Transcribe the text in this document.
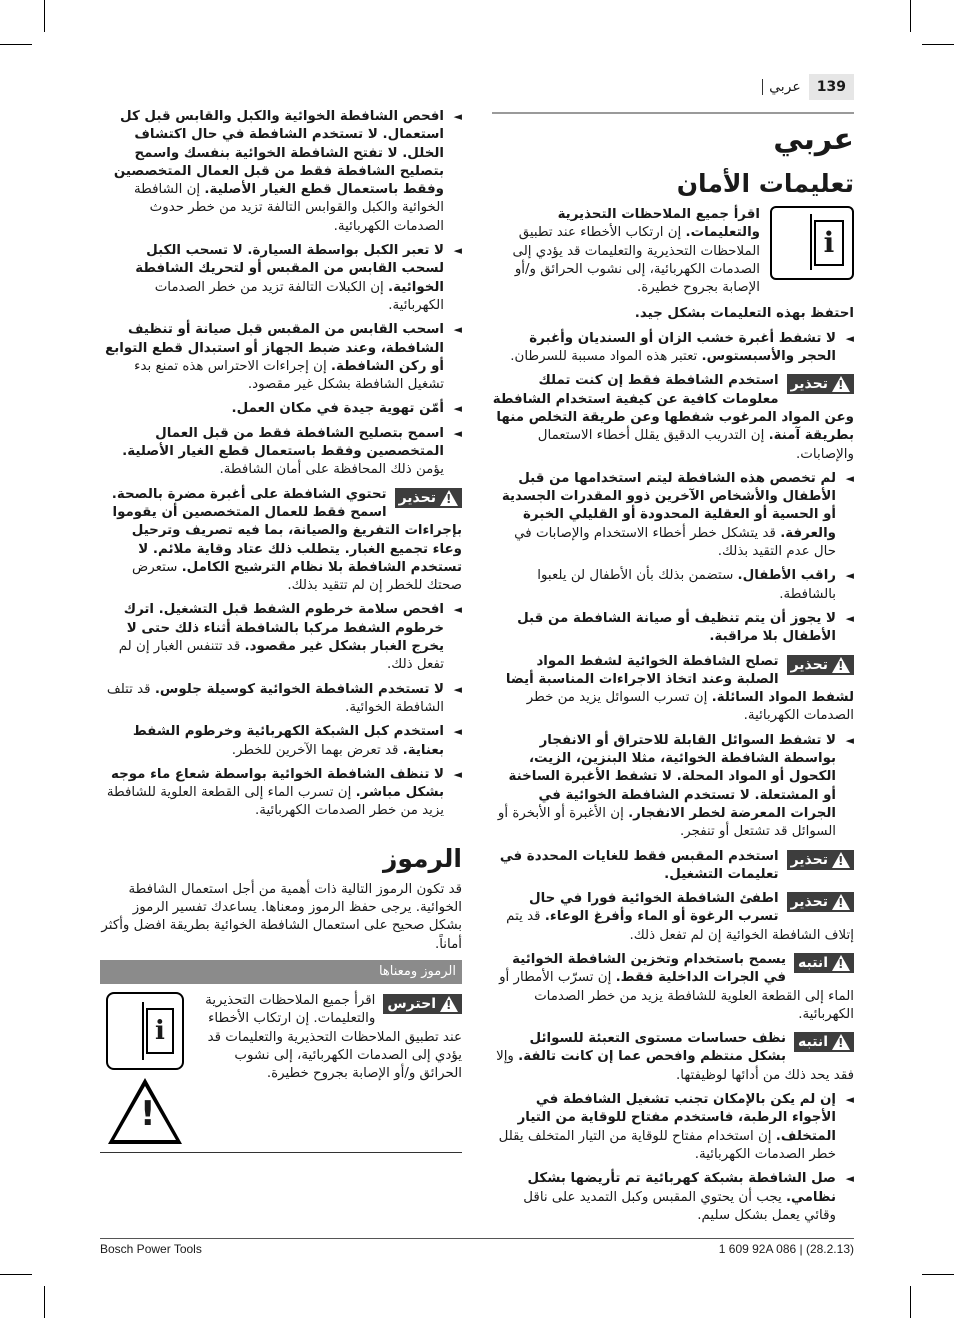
139
عربي
عربي
تعليمات الأمان
i

اقرأ جميع الملاحظات التحذيرية والتعليمات. إن ارتكاب الأخطاء عند تطبيق الملاحظات التحذيرية والتعليمات قد يؤدي إلى الصدمات الكهربائية، إلى نشوب الحرائق و/أو الإصابة بجروح خطيرة.

احتفظ بهذه التعليمات بشكل جيد.

◄
لا تشفط أغبرة خشب الزان أو السنديان وأغبرة الحجر والأسبستوس. تعتبر هذه المواد مسببة للسرطان.
!
تحذير
استخدم الشافطة فقط إن كنت تملك معلومات كافية عن كيفية استخدام الشافطة وعن المواد المرغوب شفطها وعن طريقة التخلص منها بطريقة آمنة. إن التدريب الدقيق يقلل أخطاء الاستعمال والإصابات.
◄
لم تخصص هذه الشافطة ليتم استخدامها من قبل الأطفال والأشخاص الآخرين ذوو المقدرات الجسدية أو الحسية أو العقلية المحدودة أو القليلي الخبرة والعرفة. قد يتشكل خطر أخطاء الاستخدام والإصابات في حال عدم التقيد بذلك.
◄
راقب الأطفال. ستضمن بذلك بأن الأطفال لن يلعبوا بالشافطة.
◄
لا يجوز أن يتم تنظيف أو صيانة الشافطة من قبل الأطفال بلا مراقبة.
!
تحذير
تصلح الشافطة الخوائية لشفط المواد الصلبة وعند اتخاذ الاجراءات المناسبة أيضا لشفط المواد السائلة. إن تسرب السوائل يزيد من خطر الصدمات الكهربائية.
◄
لا تشفط السوائل القابلة للاحتراق أو الانفجار بواسطة الشافطة الخوائية، مثلا البنزين، الزيت، الكحول أو المواد المحلة. لا تشفط الأغبرة الساخنة أو المشتعلة. لا تستخدم الشافطة الخوائية في الجرات المعرضة لخطر الانفجار. إن الأغبرة أو الأبخرة أو السوائل قد تشتعل أو تنفجر.
!
تحذير
استخدم المقبس فقط للغايات المحددة في تعليمات التشغيل.
!
تحذير
اطفئ الشافطة الخوائية فورا في حال تسرب الرغوة أو الماء وأفرغ الوعاء. قد يتم إتلاف الشافطة الخوائية إن لم تفعل ذلك.
!
انتبه
يسمح باستخدام وتخزين الشافطة الخوائية في الجرات الداخلية فقط. إن تسرّب الأمطار أو الماء إلى القطعة العلوية للشافطة يزيد من خطر الصدمات الكهربائية.
!
انتبه
نظف حساسات مستوى التعبئة للسوائل بشكل منتظم وافحص عما إن كانت تالفة. وإلا فقد يحد ذلك من أدائها لوظيفتها.
◄
إن لم يكن بالإمكان تجنب تشغيل الشافطة في الأجواء الرطبة، فاستخدم مفتاح للوقاية من التيار المتخلف. إن استخدام مفتاح للوقاية من التيار المتخلف يقلل خطر الصدمات الكهربائية.
◄
صل الشافطة بشبكة كهربائية تم تأريضها بشكل نظامي. يجب أن يحتوي المقبس وكبل التمديد على ناقل وقائي يعمل بشكل سليم.
◄
افحص الشافطة الخوائية والكبل والقابس قبل كل استعمال. لا تستخدم الشافطة في حال اكتشاف الخلل. لا تفتح الشافطة الخوائية بنفسك واسمح بتصليح الشافطة فقط من قبل العمال المتخصصين وفقط باستعمال قطع الغيار الأصلية. إن الشافطة الخوائية والكبل والقوابس التالفة تزيد من خطر حدوث الصدمات الكهربائية.
◄
لا تعبر الكبل بواسطة السيارة. لا تسحب الكبل لسحب القابس من المقبس أو لتحريك الشافطة الخوائية. إن الكبلات التالفة تزيد من خطر الصدمات الكهربائية.
◄
اسحب القابس من المقبس قبل صيانة أو تنظيف الشافطة، وعند ضبط الجهاز أو استبدال قطع التوابع أو ركن الشافطة. إن إجراءات الاحتراس هذه تمنع بدء تشغيل الشافطة بشكل غير مقصود.
◄
أمّن تهوية جيدة في مكان العمل.
◄
اسمح بتصليح الشافطة فقط من قبل العمال المتخصصين وفقط باستعمال قطع الغيار الأصلية. يؤمن ذلك المحافظة على أمان الشافطة.
!
تحذير
تحتوي الشافطة على أغبرة مضرة بالصحة. اسمح فقط للعمال المتخصصين أن يقوموا بإجراءات التفريغ والصيانة، بما فيه تصريف وترحيل وعاء تجميع الغبار. يتطلب ذلك عتاد وقاية ملائم. لا تستخدم الشافطة بلا نظام الترشيح الكامل. ستعرض صحتك للخطر إن لم تتقيد بذلك.
◄
افحص سلامة خرطوم الشفط قبل التشغيل. اترك خرطوم الشفط مركبا بالشافطة أثناء ذلك حتى لا يخرج الغبار بشكل غير مقصود. قد تتنفس الغبار إن لم تفعل ذلك.
◄
لا تستخدم الشافطة الخوائية كوسيلة جلوس. قد تتلف الشافطة الخوائية.
◄
استخدم كبل الشبكة الكهربائية وخرطوم الشفط بعناية. قد تعرض بهما الآخرين للخطر.
◄
لا تنظف الشافطة الخوائية بواسطة شعاع ماء موجه بشكل مباشر. إن تسرب الماء إلى القطعة العلوية للشافطة يزيد من خطر الصدمات الكهربائية.
الرموز

قد تكون الرموز التالية ذات أهمية من أجل استعمال الشافطة الخوائية. يرجى حفظ الرموز ومعناها. يساعدك تفسير الرموز بشكل صحيح على استعمال الشافطة الخوائية بطريقة افضل وأكثر أماناً.

الرموز ومعناها
!
احترس
اقرأ جميع الملاحظات التحذيرية والتعليمات. إن ارتكاب الأخطاء عند تطبيق الملاحظات التحذيرية والتعليمات قد يؤدي إلى الصدمات الكهربائية، إلى نشوب الحرائق و/أو الإصابة بجروح خطيرة.
i
!
Bosch Power Tools	1 609 92A 086 | (28.2.13)
